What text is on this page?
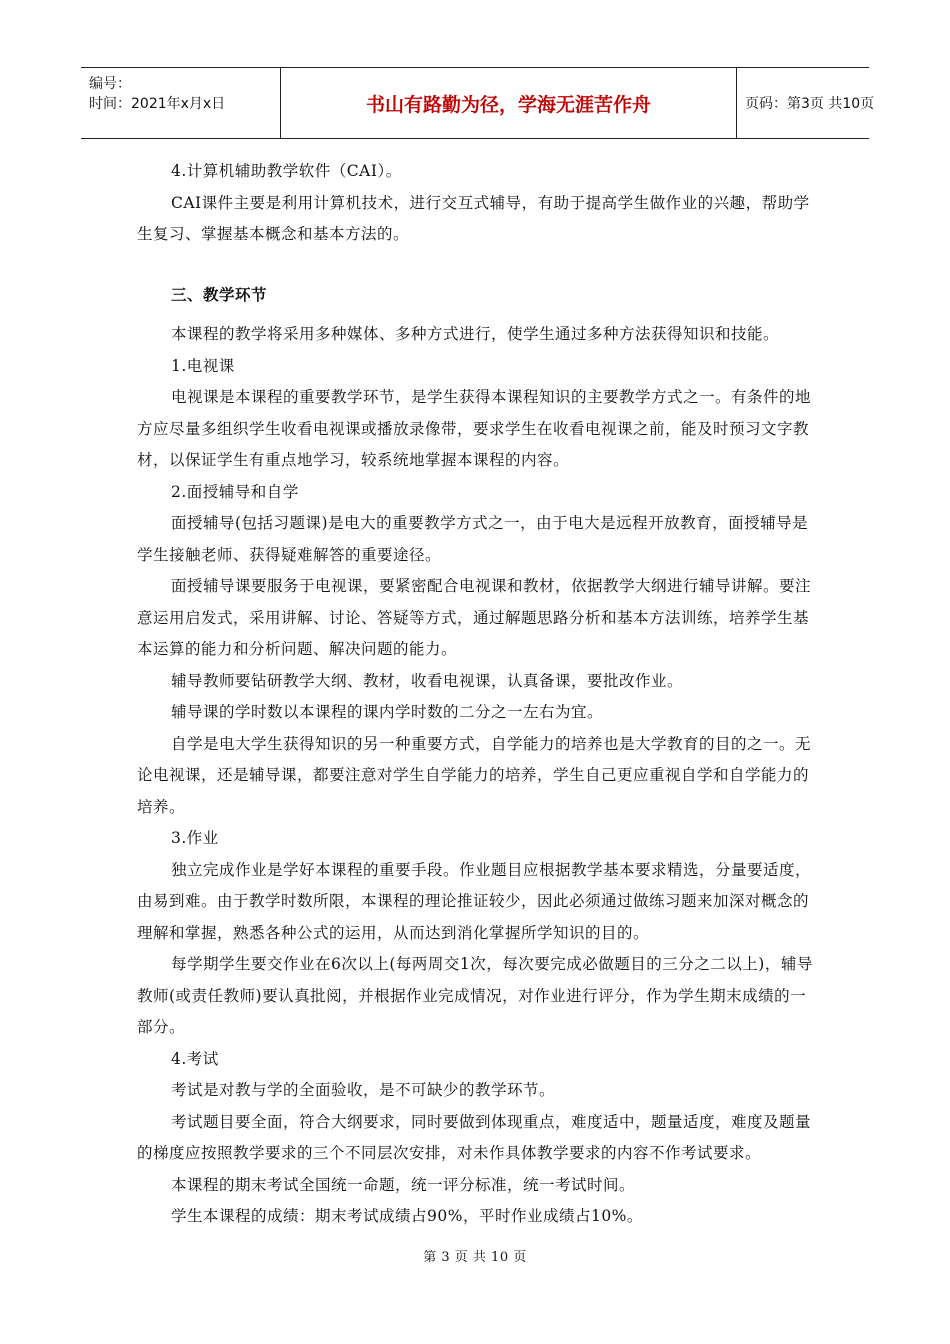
编号：
时间：2021年x月x日	书山有路勤为径，学海无涯苦作舟	页码：第3页 共10页

4.计算机辅助教学软件（CAI）。

CAI课件主要是利用计算机技术，进行交互式辅导，有助于提高学生做作业的兴趣，帮助学生复习、掌握基本概念和基本方法的。

三、教学环节

本课程的教学将采用多种媒体、多种方式进行，使学生通过多种方法获得知识和技能。

1.电视课

电视课是本课程的重要教学环节，是学生获得本课程知识的主要教学方式之一。有条件的地方应尽量多组织学生收看电视课或播放录像带，要求学生在收看电视课之前，能及时预习文字教材，以保证学生有重点地学习，较系统地掌握本课程的内容。

2.面授辅导和自学

面授辅导(包括习题课)是电大的重要教学方式之一，由于电大是远程开放教育，面授辅导是学生接触老师、获得疑难解答的重要途径。

面授辅导课要服务于电视课，要紧密配合电视课和教材，依据教学大纲进行辅导讲解。要注意运用启发式，采用讲解、讨论、答疑等方式，通过解题思路分析和基本方法训练，培养学生基本运算的能力和分析问题、解决问题的能力。

辅导教师要钻研教学大纲、教材，收看电视课，认真备课，要批改作业。

辅导课的学时数以本课程的课内学时数的二分之一左右为宜。

自学是电大学生获得知识的另一种重要方式，自学能力的培养也是大学教育的目的之一。无论电视课，还是辅导课，都要注意对学生自学能力的培养，学生自己更应重视自学和自学能力的培养。

3.作业

独立完成作业是学好本课程的重要手段。作业题目应根据教学基本要求精选，分量要适度，由易到难。由于教学时数所限，本课程的理论推证较少，因此必须通过做练习题来加深对概念的理解和掌握，熟悉各种公式的运用，从而达到消化掌握所学知识的目的。

每学期学生要交作业在6次以上(每两周交1次，每次要完成必做题目的三分之二以上)，辅导教师(或责任教师)要认真批阅，并根据作业完成情况，对作业进行评分，作为学生期末成绩的一部分。

4.考试

考试是对教与学的全面验收，是不可缺少的教学环节。

考试题目要全面，符合大纲要求，同时要做到体现重点，难度适中，题量适度，难度及题量的梯度应按照教学要求的三个不同层次安排，对未作具体教学要求的内容不作考试要求。

本课程的期末考试全国统一命题，统一评分标准，统一考试时间。

学生本课程的成绩：期末考试成绩占90%，平时作业成绩占10%。

第 3 页 共 10 页
